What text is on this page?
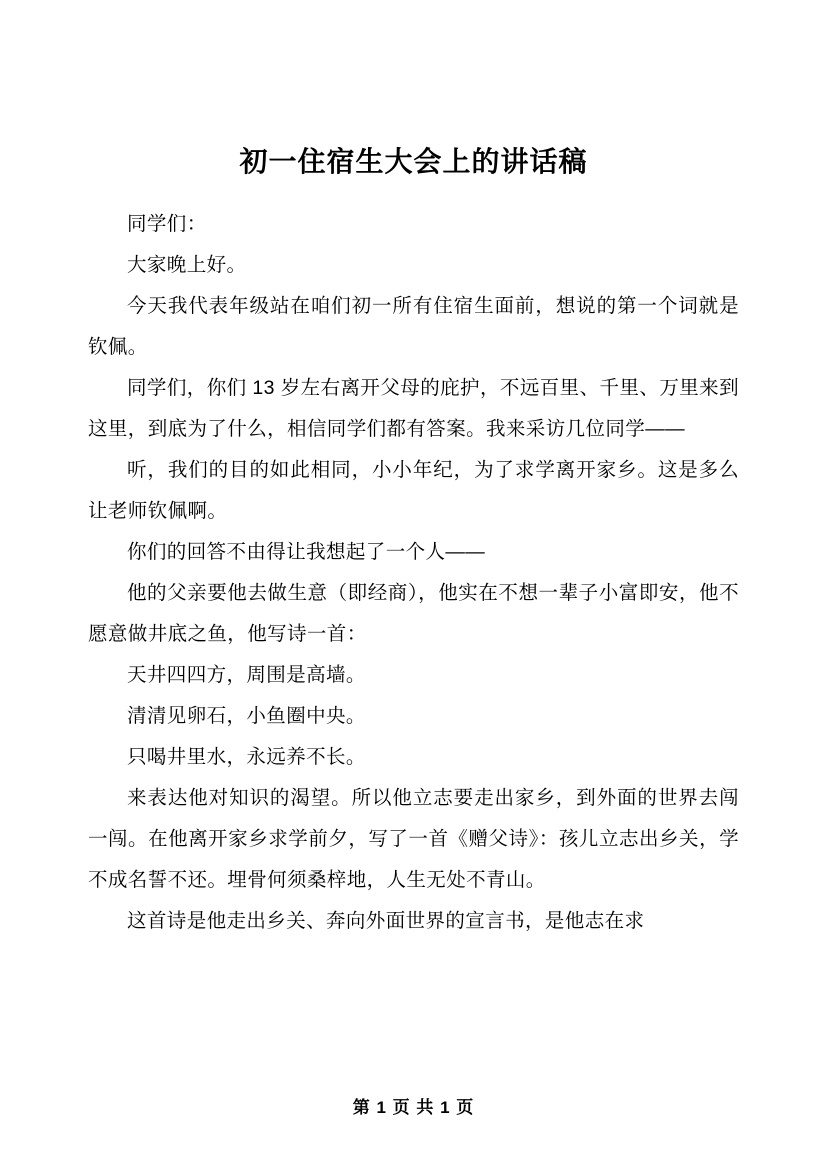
初一住宿生大会上的讲话稿

同学们：

大家晚上好。

今天我代表年级站在咱们初一所有住宿生面前，想说的第一个词就是钦佩。

同学们，你们 13 岁左右离开父母的庇护，不远百里、千里、万里来到这里，到底为了什么，相信同学们都有答案。我来采访几位同学——

听，我们的目的如此相同，小小年纪，为了求学离开家乡。这是多么让老师钦佩啊。

你们的回答不由得让我想起了一个人——

他的父亲要他去做生意（即经商），他实在不想一辈子小富即安，他不愿意做井底之鱼，他写诗一首：

天井四四方，周围是高墙。

清清见卵石，小鱼圈中央。

只喝井里水，永远养不长。

来表达他对知识的渴望。所以他立志要走出家乡，到外面的世界去闯一闯。在他离开家乡求学前夕，写了一首《赠父诗》：孩儿立志出乡关，学不成名誓不还。埋骨何须桑梓地，人生无处不青山。

这首诗是他走出乡关、奔向外面世界的宣言书，是他志在求

第 1 页 共 1 页
